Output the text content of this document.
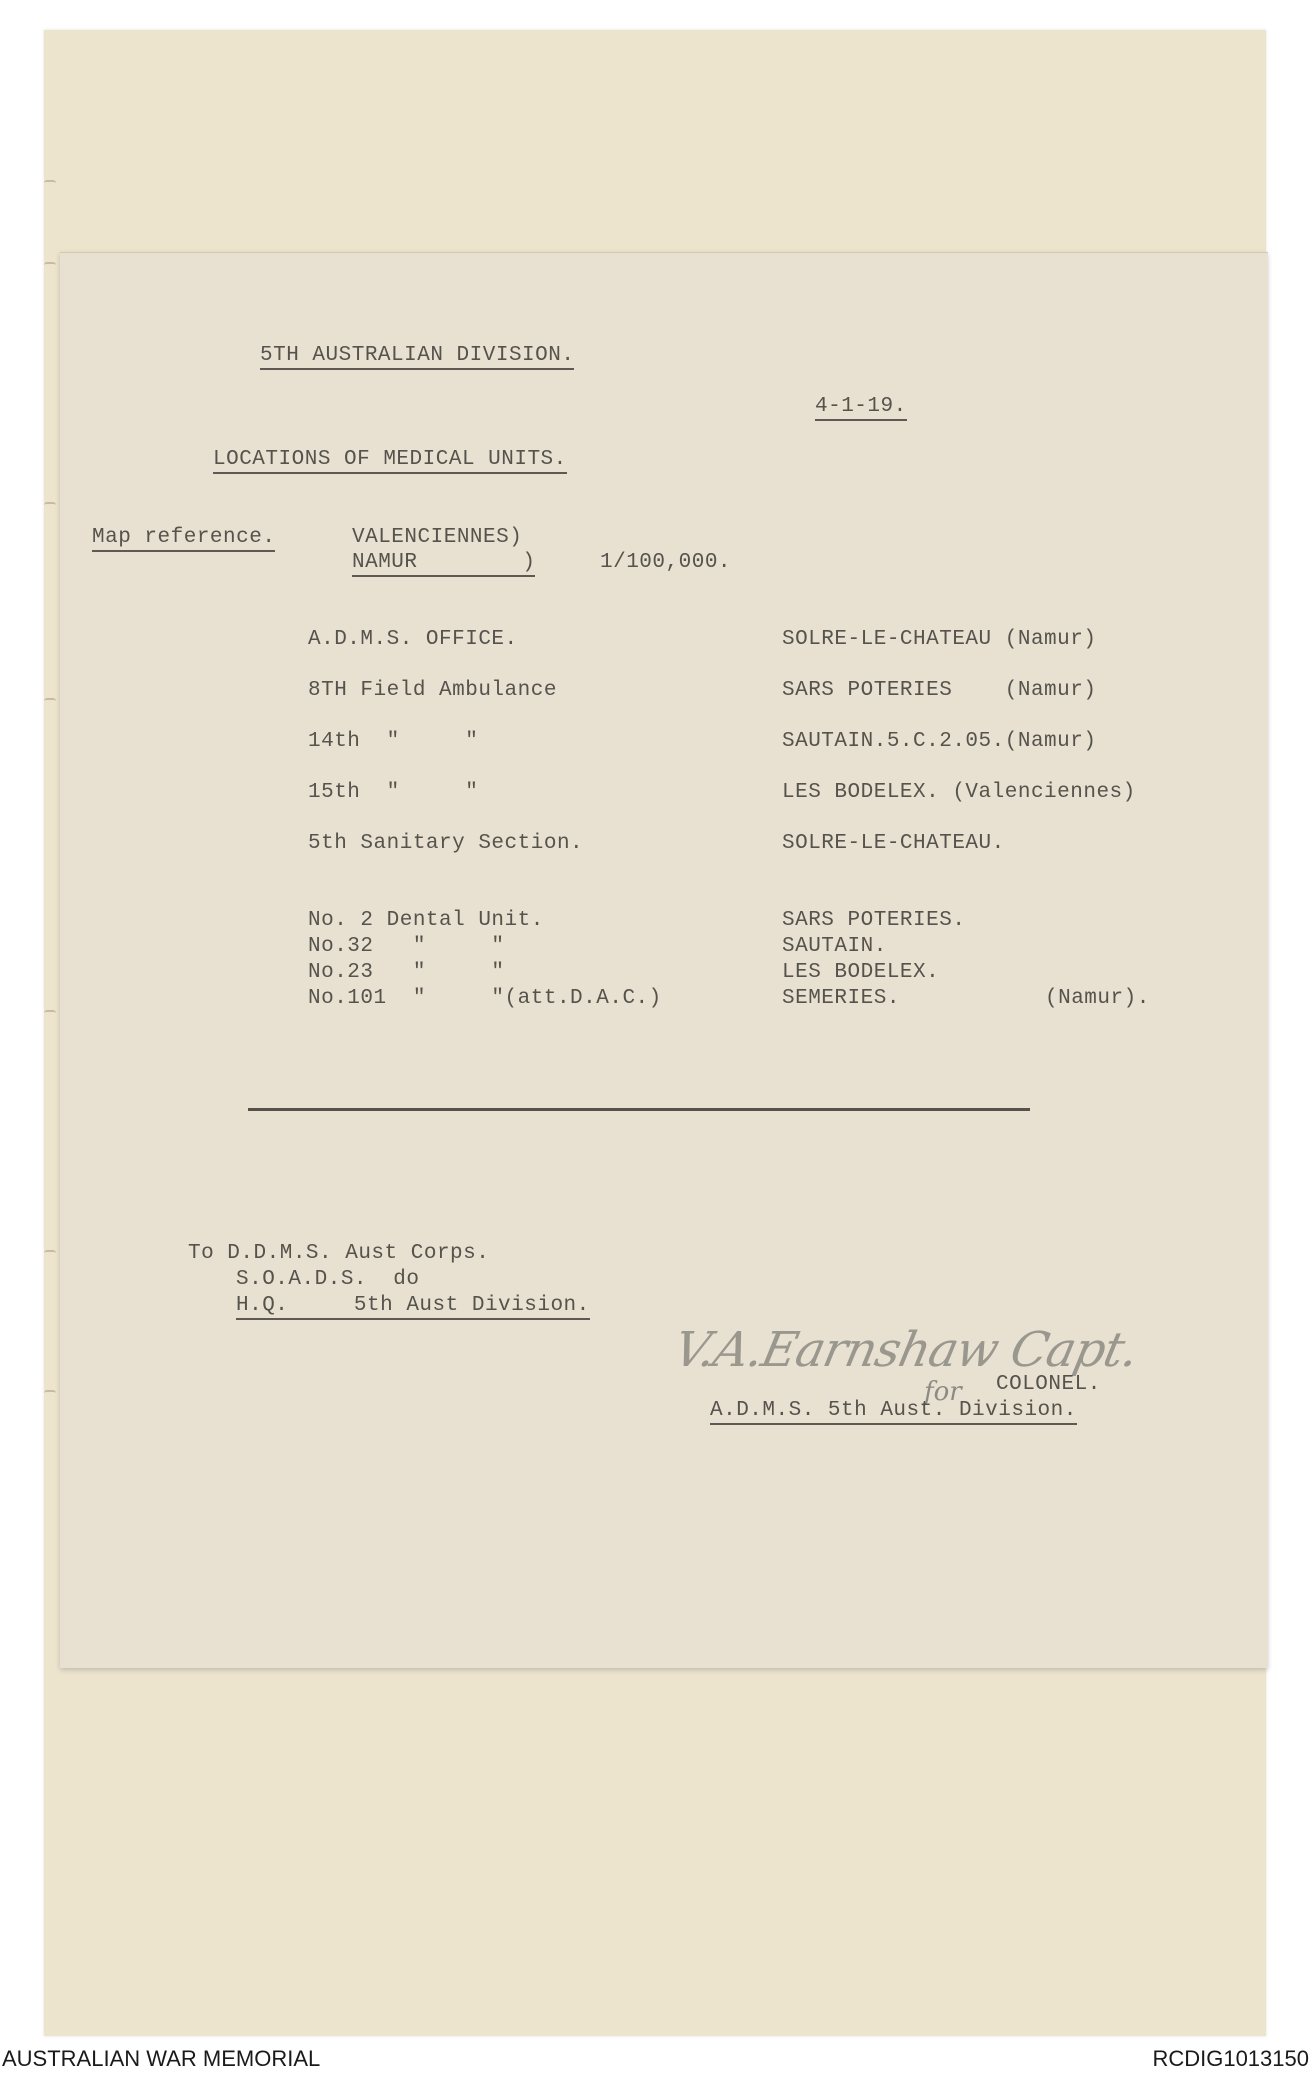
5TH AUSTRALIAN DIVISION.
4-1-19.
LOCATIONS OF MEDICAL UNITS.
Map reference.	VALENCIENNES)
NAMUR        )	1/100,000.
A.D.M.S. OFFICE.	SOLRE-LE-CHATEAU (Namur)
8TH Field Ambulance	SARS POTERIES    (Namur)
14th  "     "	SAUTAIN.5.C.2.05.(Namur)
15th  "     "	LES BODELEX. (Valenciennes)
5th Sanitary Section.	SOLRE-LE-CHATEAU.
No. 2 Dental Unit.	SARS POTERIES.
No.32   "     "	SAUTAIN.
No.23   "     "	LES BODELEX.
No.101  "     "(att.D.A.C.)	SEMERIES.	(Namur).
To D.D.M.S. Aust Corps.
S.O.A.D.S.  do
H.Q.     5th Aust Division.
V.A.Earnshaw Capt.
for COLONEL.
A.D.M.S. 5th Aust. Division.
AUSTRALIAN WAR MEMORIAL	RCDIG1013150
